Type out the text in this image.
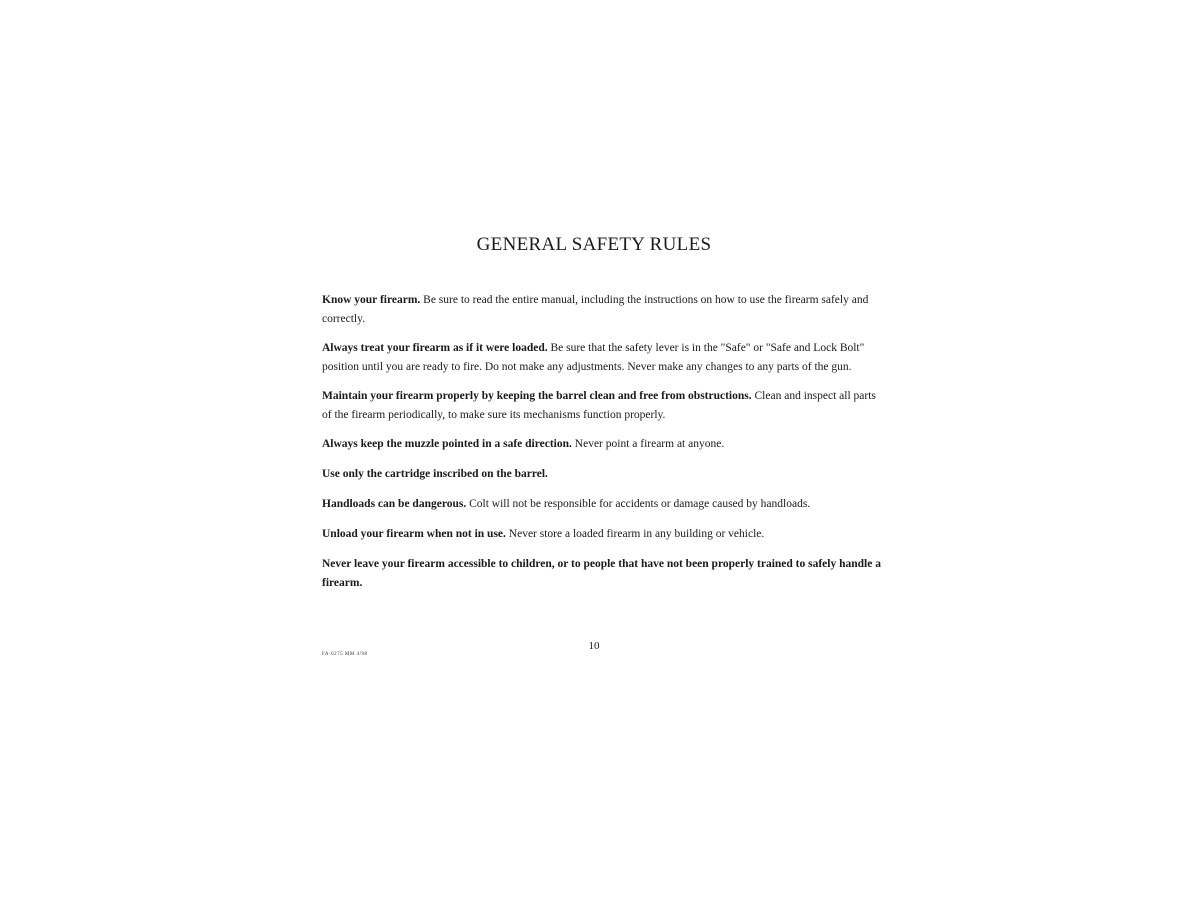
GENERAL SAFETY RULES
Know your firearm. Be sure to read the entire manual, including the instructions on how to use the firearm safely and correctly.
Always treat your firearm as if it were loaded. Be sure that the safety lever is in the "Safe" or "Safe and Lock Bolt" position until you are ready to fire. Do not make any adjustments. Never make any changes to any parts of the gun.
Maintain your firearm properly by keeping the barrel clean and free from obstructions. Clean and inspect all parts of the firearm periodically, to make sure its mechanisms function properly.
Always keep the muzzle pointed in a safe direction. Never point a firearm at anyone.
Use only the cartridge inscribed on the barrel.
Handloads can be dangerous. Colt will not be responsible for accidents or damage caused by handloads.
Unload your firearm when not in use. Never store a loaded firearm in any building or vehicle.
Never leave your firearm accessible to children, or to people that have not been properly trained to safely handle a firearm.
10
FA-0275 MM 4/98
